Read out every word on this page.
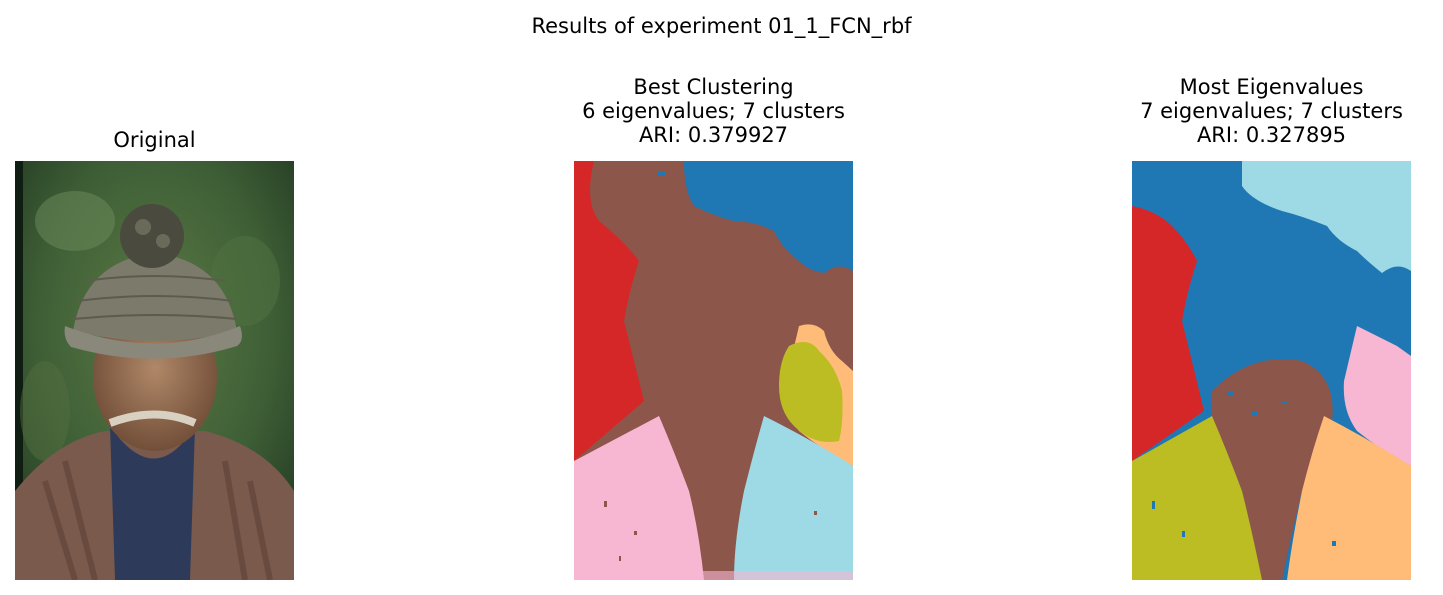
Results of experiment 01_1_FCN_rbf
Original
Best Clustering
6 eigenvalues; 7 clusters
ARI: 0.379927
Most Eigenvalues
7 eigenvalues; 7 clusters
ARI: 0.327895
